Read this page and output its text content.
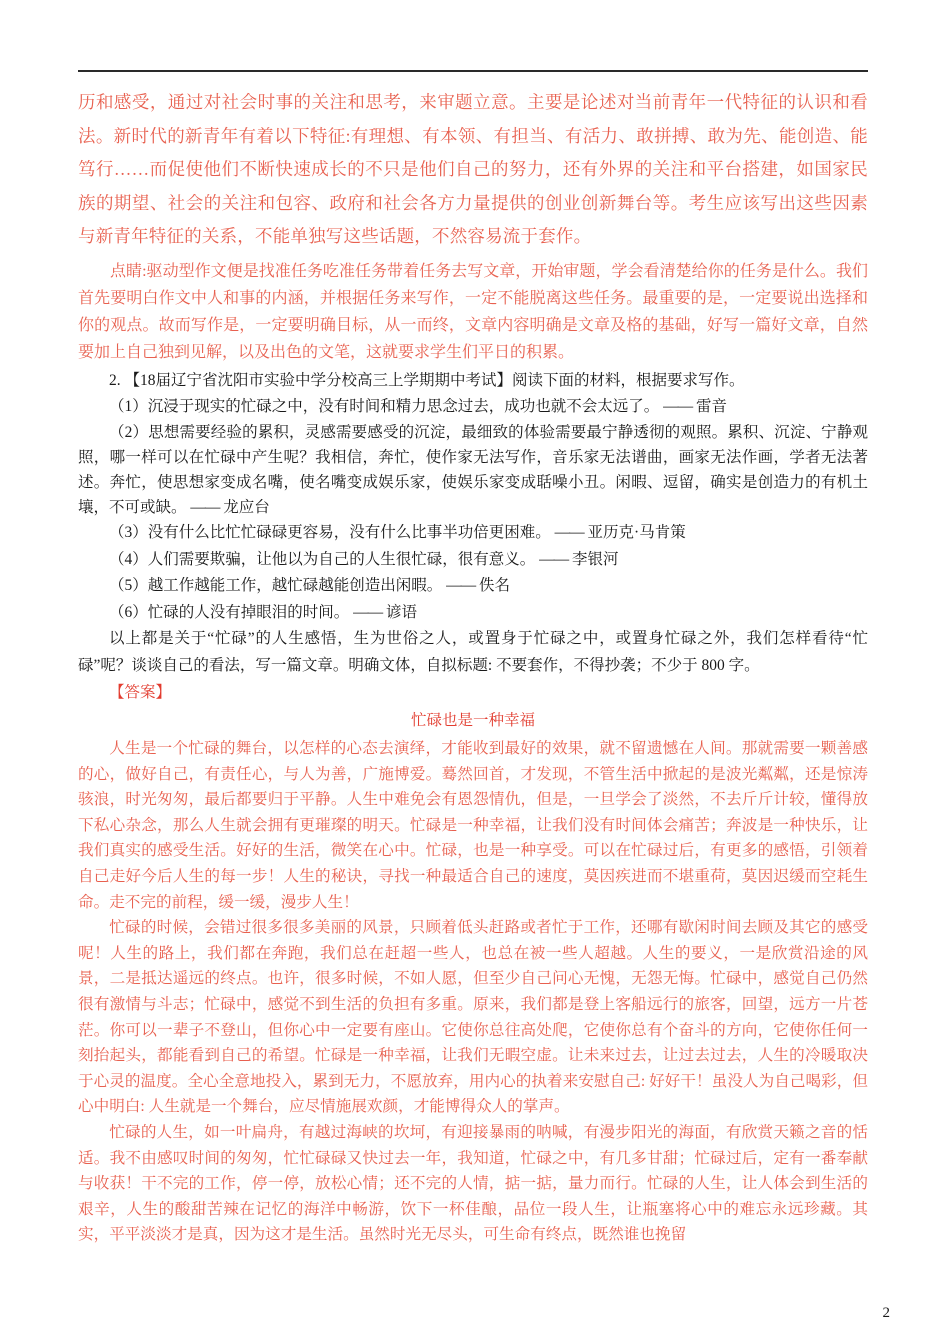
历和感受，通过对社会时事的关注和思考，来审题立意。主要是论述对当前青年一代特征的认识和看法。新时代的新青年有着以下特征:有理想、有本领、有担当、有活力、敢拼搏、敢为先、能创造、能笃行……而促使他们不断快速成长的不只是他们自己的努力，还有外界的关注和平台搭建，如国家民族的期望、社会的关注和包容、政府和社会各方力量提供的创业创新舞台等。考生应该写出这些因素与新青年特征的关系，不能单独写这些话题，不然容易流于套作。

点睛:驱动型作文便是找准任务吃准任务带着任务去写文章，开始审题，学会看清楚给你的任务是什么。我们首先要明白作文中人和事的内涵，并根据任务来写作，一定不能脱离这些任务。最重要的是，一定要说出选择和你的观点。故而写作是，一定要明确目标，从一而终，文章内容明确是文章及格的基础，好写一篇好文章，自然要加上自己独到见解，以及出色的文笔，这就要求学生们平日的积累。

2. 【18届辽宁省沈阳市实验中学分校高三上学期期中考试】阅读下面的材料，根据要求写作。

（1）沉浸于现实的忙碌之中，没有时间和精力思念过去，成功也就不会太远了。 —— 雷音

（2）思想需要经验的累积，灵感需要感受的沉淀，最细致的体验需要最宁静透彻的观照。累积、沉淀、宁静观照，哪一样可以在忙碌中产生呢？我相信，奔忙，使作家无法写作，音乐家无法谱曲，画家无法作画，学者无法著述。奔忙，使思想家变成名嘴，使名嘴变成娱乐家，使娱乐家变成聒噪小丑。闲暇、逗留，确实是创造力的有机土壤，不可或缺。 —— 龙应台

（3）没有什么比忙忙碌碌更容易，没有什么比事半功倍更困难。 —— 亚历克·马肯策

（4）人们需要欺骗，让他以为自己的人生很忙碌，很有意义。 —— 李银河

（5）越工作越能工作，越忙碌越能创造出闲暇。 —— 佚名

（6）忙碌的人没有掉眼泪的时间。 —— 谚语

以上都是关于“忙碌”的人生感悟，生为世俗之人，或置身于忙碌之中，或置身忙碌之外，我们怎样看待“忙碌”呢？谈谈自己的看法，写一篇文章。明确文体，自拟标题: 不要套作，不得抄袭；不少于 800 字。

【答案】

忙碌也是一种幸福

人生是一个忙碌的舞台，以怎样的心态去演绎，才能收到最好的效果，就不留遗憾在人间。那就需要一颗善感的心，做好自己，有责任心，与人为善，广施博爱。蓦然回首，才发现，不管生活中掀起的是波光粼粼，还是惊涛骇浪，时光匆匆，最后都要归于平静。人生中难免会有恩怨情仇，但是，一旦学会了淡然，不去斤斤计较，懂得放下私心杂念，那么人生就会拥有更璀璨的明天。忙碌是一种幸福，让我们没有时间体会痛苦；奔波是一种快乐，让我们真实的感受生活。好好的生活，微笑在心中。忙碌，也是一种享受。可以在忙碌过后，有更多的感悟，引领着自己走好今后人生的每一步！人生的秘诀，寻找一种最适合自己的速度，莫因疾进而不堪重荷，莫因迟缓而空耗生命。走不完的前程，缓一缓，漫步人生！

忙碌的时候，会错过很多很多美丽的风景，只顾着低头赶路或者忙于工作，还哪有歇闲时间去顾及其它的感受呢！人生的路上，我们都在奔跑，我们总在赶超一些人，也总在被一些人超越。人生的要义，一是欣赏沿途的风景，二是抵达遥远的终点。也许，很多时候，不如人愿，但至少自己问心无愧，无怨无悔。忙碌中，感觉自己仍然很有激情与斗志；忙碌中，感觉不到生活的负担有多重。原来，我们都是登上客船远行的旅客，回望，远方一片苍茫。你可以一辈子不登山，但你心中一定要有座山。它使你总往高处爬，它使你总有个奋斗的方向，它使你任何一刻抬起头，都能看到自己的希望。忙碌是一种幸福，让我们无暇空虚。让未来过去，让过去过去，人生的冷暖取决于心灵的温度。全心全意地投入，累到无力，不愿放弃，用内心的执着来安慰自己: 好好干！虽没人为自己喝彩，但心中明白: 人生就是一个舞台，应尽情施展欢颜，才能博得众人的掌声。

忙碌的人生，如一叶扁舟，有越过海峡的坎坷，有迎接暴雨的呐喊，有漫步阳光的海面，有欣赏天籁之音的恬适。我不由感叹时间的匆匆，忙忙碌碌又快过去一年，我知道，忙碌之中，有几多甘甜；忙碌过后，定有一番奉献与收获！干不完的工作，停一停，放松心情；还不完的人情，掂一掂，量力而行。忙碌的人生，让人体会到生活的艰辛，人生的酸甜苦辣在记忆的海洋中畅游，饮下一杯佳酿，品位一段人生，让瓶塞将心中的难忘永远珍藏。其实，平平淡淡才是真，因为这才是生活。虽然时光无尽头，可生命有终点，既然谁也挽留

2
